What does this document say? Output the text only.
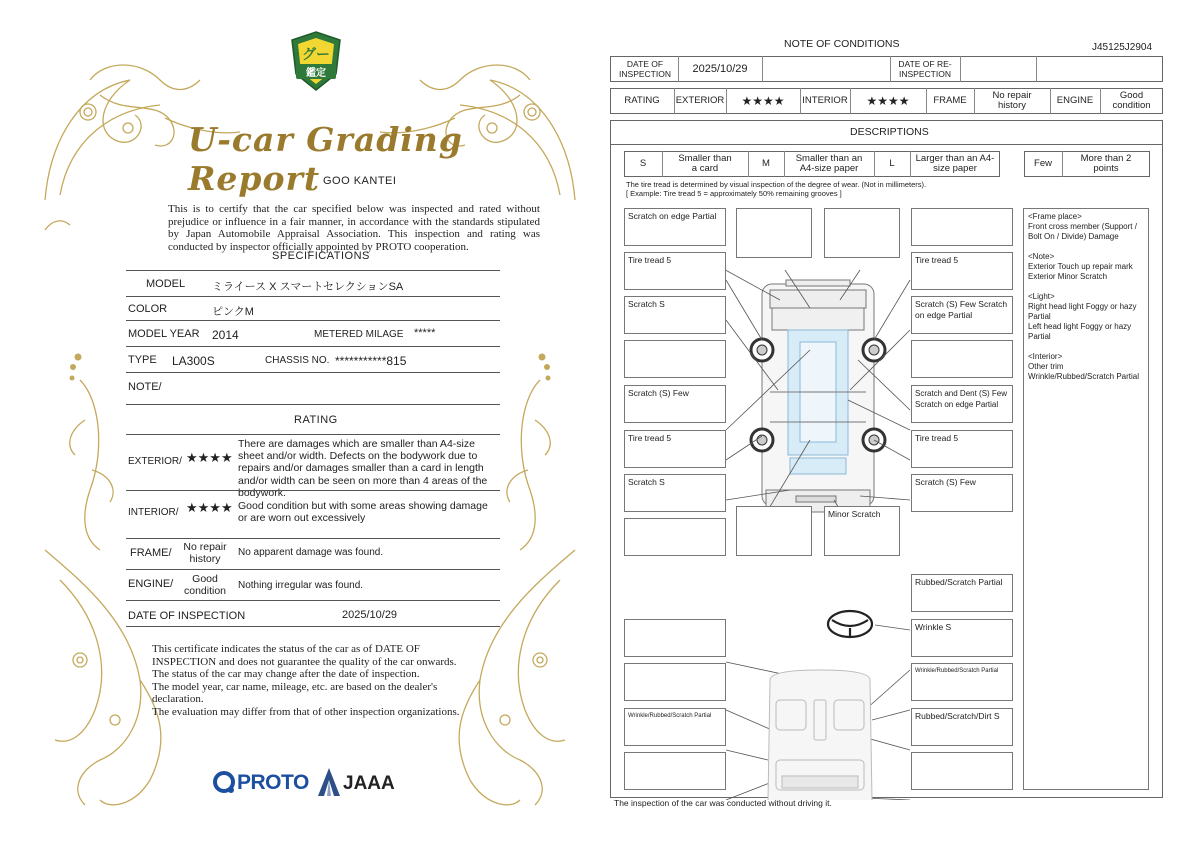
グー
鑑定
U-car Grading Report GOO KANTEI
This is to certify that the car specified below was inspected and rated without prejudice or influence in a fair manner, in accordance with the standards stipulated by Japan Automobile Appraisal Association. This inspection and rating was conducted by inspector officially appointed by PROTO cooperation.
SPECIFICATIONS
MODEL ミライース X スマートセレクションSA
COLOR	ピンクM
MODEL YEAR 2014	METERED MILAGE *****
TYPE LA300S	CHASSIS NO. ***********815
NOTE/
RATING
EXTERIOR/ ★★★★
There are damages which are smaller than A4-size sheet and/or width. Defects on the bodywork due to repairs and/or damages smaller than a card in length and/or width can be seen on more than 4 areas of the bodywork.
INTERIOR/ ★★★★ Good condition but with some areas showing damage or are worn out excessively
FRAME/	No repair history
No apparent damage was found.
ENGINE/	Good condition	Nothing irregular was found.
DATE OF INSPECTION	2025/10/29
This certificate indicates the status of the car as of DATE OF INSPECTION and does not guarantee the quality of the car onwards.
The status of the car may change after the date of inspection.
The model year, car name, mileage, etc. are based on the dealer's declaration.
The evaluation may differ from that of other inspection organizations.
PROTO JAAA
NOTE OF CONDITIONS	J45125J2904
DATE OF INSPECTION	2025/10/29	DATE OF RE-INSPECTION
RATING	EXTERIOR	★★★★	INTERIOR	★★★★	FRAME	No repair history	ENGINE	Good condition
DESCRIPTIONS
S	Smaller than a card	M	Smaller than an A4-size paper	L	Larger than an A4-size paper	Few	More than 2 points
The tire tread is determined by visual inspection of the degree of wear. (Not in millimeters).
[ Example: Tire tread 5 = approximately 50% remaining grooves ]
Scratch on edge Partial
Tire tread 5
Scratch S
Scratch (S) Few
Tire tread 5
Scratch S
Tire tread 5
Scratch (S) Few Scratch on edge Partial
Scratch and Dent (S) Few Scratch on edge Partial
Tire tread 5
Scratch (S) Few
Minor Scratch
<Frame place>
Front cross member (Support / Bolt On / Divide) Damage
<Note>
Exterior Touch up repair mark
Exterior Minor Scratch
<Light>
Right head light Foggy or hazy Partial
Left head light Foggy or hazy Partial
<Interior>
Other trim
Wrinkle/Rubbed/Scratch Partial
Rubbed/Scratch Partial
Wrinkle S
Wrinkle/Rubbed/Scratch Partial
Rubbed/Scratch/Dirt S
Wrinkle/Rubbed/Scratch Partial
The inspection of the car was conducted without driving it.
